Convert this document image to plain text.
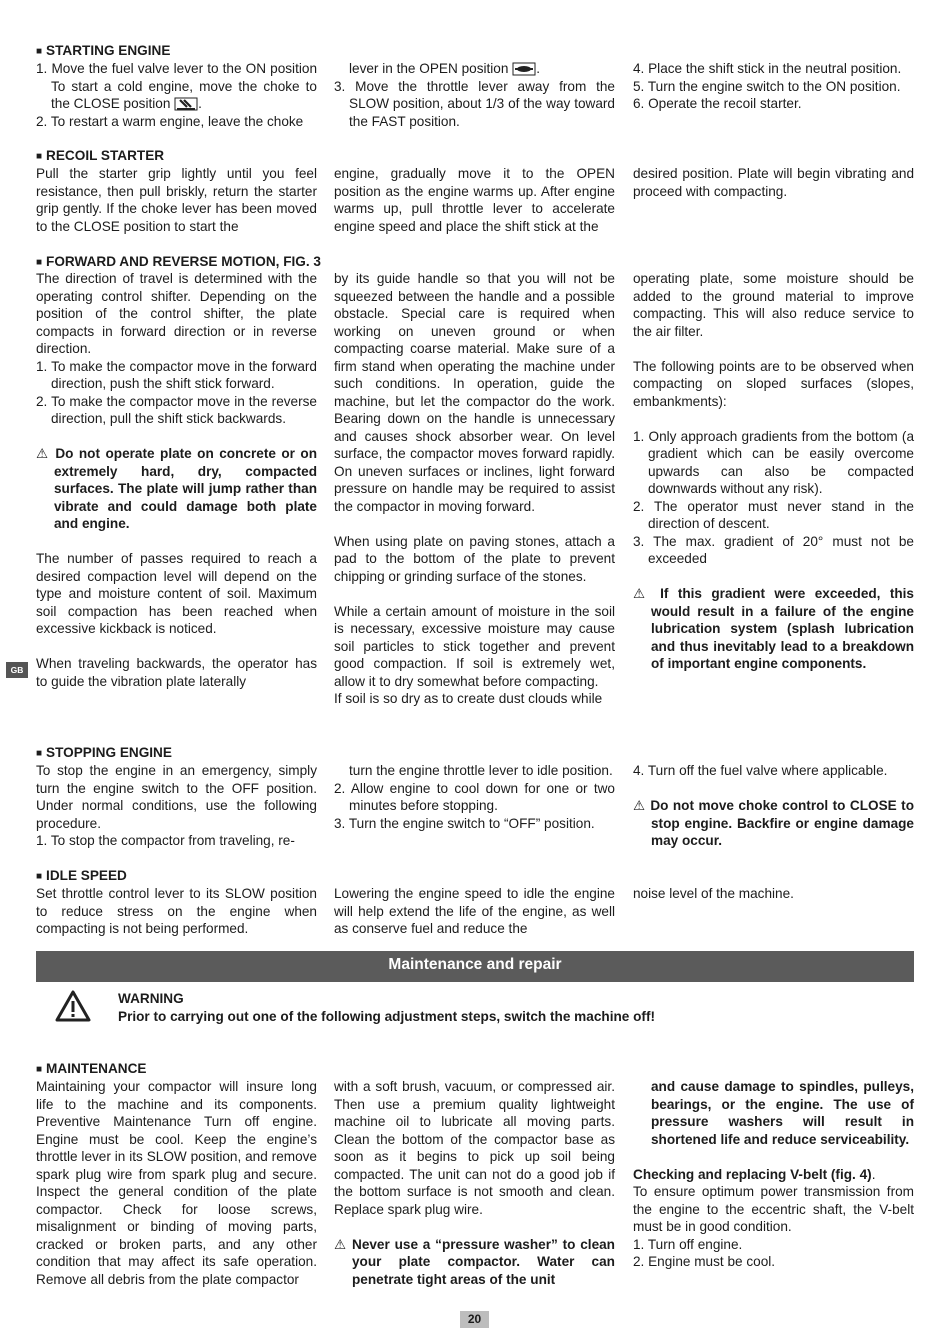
■ STARTING ENGINE

1. Move the fuel valve lever to the ON position To start a cold engine, move the choke to the CLOSE position .

2. To restart a warm engine, leave the choke

lever in the OPEN position .

3. Move the throttle lever away from the SLOW position, about 1/3 of the way toward the FAST position.

4. Place the shift stick in the neutral position.

5. Turn the engine switch to the ON position.

6. Operate the recoil starter.

■ RECOIL STARTER

Pull the starter grip lightly until you feel resistance, then pull briskly, return the starter grip gently. If the choke lever has been moved to the CLOSE position to start the

engine, gradually move it to the OPEN position as the engine warms up. After engine warms up, pull throttle lever to accelerate engine speed and place the shift stick at the

desired position. Plate will begin vibrating and proceed with compacting.

■ FORWARD AND REVERSE MOTION, FIG. 3

The direction of travel is determined with the operating control shifter. Depending on the position of the control shifter, the plate compacts in forward direction or in reverse direction.

1. To make the compactor move in the forward direction, push the shift stick forward.

2. To make the compactor move in the reverse direction, pull the shift stick backwards.

⚠ Do not operate plate on concrete or on extremely hard, dry, compacted surfaces. The plate will jump rather than vibrate and could damage both plate and engine.

The number of passes required to reach a desired compaction level will depend on the type and moisture content of soil. Maximum soil compaction has been reached when excessive kickback is noticed.

When traveling backwards, the operator has to guide the vibration plate laterally

by its guide handle so that you will not be squeezed between the handle and a possible obstacle. Special care is required when working on uneven ground or when compacting coarse material. Make sure of a firm stand when operating the machine under such conditions. In operation, guide the machine, but let the compactor do the work. Bearing down on the handle is unnecessary and causes shock absorber wear. On level surface, the compactor moves forward rapidly. On uneven surfaces or inclines, light forward pressure on handle may be required to assist the compactor in moving forward.

When using plate on paving stones, attach a pad to the bottom of the plate to prevent chipping or grinding surface of the stones.

While a certain amount of moisture in the soil is necessary, excessive moisture may cause soil particles to stick together and prevent good compaction. If soil is extremely wet, allow it to dry somewhat before compacting.

If soil is so dry as to create dust clouds while

operating plate, some moisture should be added to the ground material to improve compacting. This will also reduce service to the air filter.

The following points are to be observed when compacting on sloped surfaces (slopes, embankments):

1. Only approach gradients from the bottom (a gradient which can be easily overcome upwards can also be compacted downwards without any risk).

2. The operator must never stand in the direction of descent.

3. The max. gradient of 20° must not be exceeded

⚠ If this gradient were exceeded, this would result in a failure of the engine lubrication system (splash lubrication and thus inevitably lead to a breakdown of important engine components.

GB
■ STOPPING ENGINE

To stop the engine in an emergency, simply turn the engine switch to the OFF position. Under normal conditions, use the following procedure.

1. To stop the compactor from traveling, re-

turn the engine throttle lever to idle position.

2. Allow engine to cool down for one or two minutes before stopping.

3. Turn the engine switch to “OFF” position.

4. Turn off the fuel valve where applicable.

⚠ Do not move choke control to CLOSE to stop engine. Backfire or engine damage may occur.

■ IDLE SPEED

Set throttle control lever to its SLOW position to reduce stress on the engine when compacting is not being performed.

Lowering the engine speed to idle the engine will help extend the life of the engine, as well as conserve fuel and reduce the

noise level of the machine.

Maintenance and repair
WARNING
Prior to carrying out one of the following adjustment steps, switch the machine off!
■ MAINTENANCE

Maintaining your compactor will insure long life to the machine and its components. Preventive Maintenance Turn off engine. Engine must be cool. Keep the engine’s throttle lever in its SLOW position, and remove spark plug wire from spark plug and secure. Inspect the general condition of the plate compactor. Check for loose screws, misalignment or binding of moving parts, cracked or broken parts, and any other condition that may affect its safe operation. Remove all debris from the plate compactor

with a soft brush, vacuum, or compressed air. Then use a premium quality lightweight machine oil to lubricate all moving parts. Clean the bottom of the compactor base as soon as it begins to pick up soil being compacted. The unit can not do a good job if the bottom surface is not smooth and clean. Replace spark plug wire.

⚠ Never use a “pressure washer” to clean your plate compactor. Water can penetrate tight areas of the unit

and cause damage to spindles, pulleys, bearings, or the engine. The use of pressure washers will result in shortened life and reduce serviceability.

Checking and replacing V-belt (fig. 4).

To ensure optimum power transmission from the engine to the eccentric shaft, the V-belt must be in good condition.

1. Turn off engine.

2. Engine must be cool.

20
